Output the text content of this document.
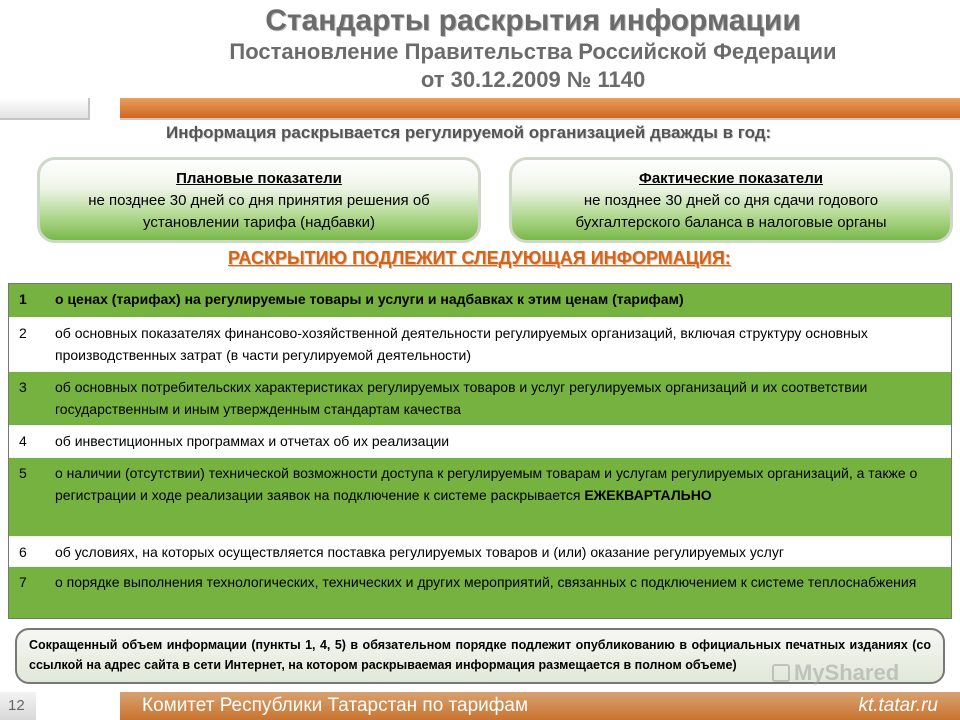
Стандарты раскрытия информации
Постановление Правительства Российской Федерации
от 30.12.2009 № 1140
Информация раскрывается регулируемой организацией дважды в год:
Плановые показатели
не позднее 30 дней со дня принятия решения об
установлении тарифа (надбавки)
Фактические показатели
не позднее 30 дней со дня сдачи годового
бухгалтерского баланса в налоговые органы
РАСКРЫТИЮ ПОДЛЕЖИТ СЛЕДУЮЩАЯ ИНФОРМАЦИЯ:
1	о ценах (тарифах) на регулируемые товары и услуги и надбавках к этим ценам (тарифам)
2	об основных показателях финансово-хозяйственной деятельности регулируемых организаций, включая структуру основных производственных затрат (в части регулируемой деятельности)
3	об основных потребительских характеристиках регулируемых товаров и услуг регулируемых организаций и их соответствии государственным и иным утвержденным стандартам качества
4	об инвестиционных программах и отчетах об их реализации
5	о наличии (отсутствии) технической возможности доступа к регулируемым товарам и услугам регулируемых организаций, а также о регистрации и ходе реализации заявок на подключение к системе раскрывается ЕЖЕКВАРТАЛЬНО
6	об условиях, на которых осуществляется поставка регулируемых товаров и (или) оказание регулируемых услуг
7	о порядке выполнения технологических, технических и других мероприятий, связанных с подключением к системе теплоснабжения
Сокращенный объем информации (пункты 1, 4, 5) в обязательном порядке подлежит опубликованию в официальных печатных изданиях (со ссылкой на адрес сайта в сети Интернет, на котором раскрываемая информация размещается в полном объеме)	MyShared
12	Комитет Республики Татарстан по тарифам	kt.tatar.ru
